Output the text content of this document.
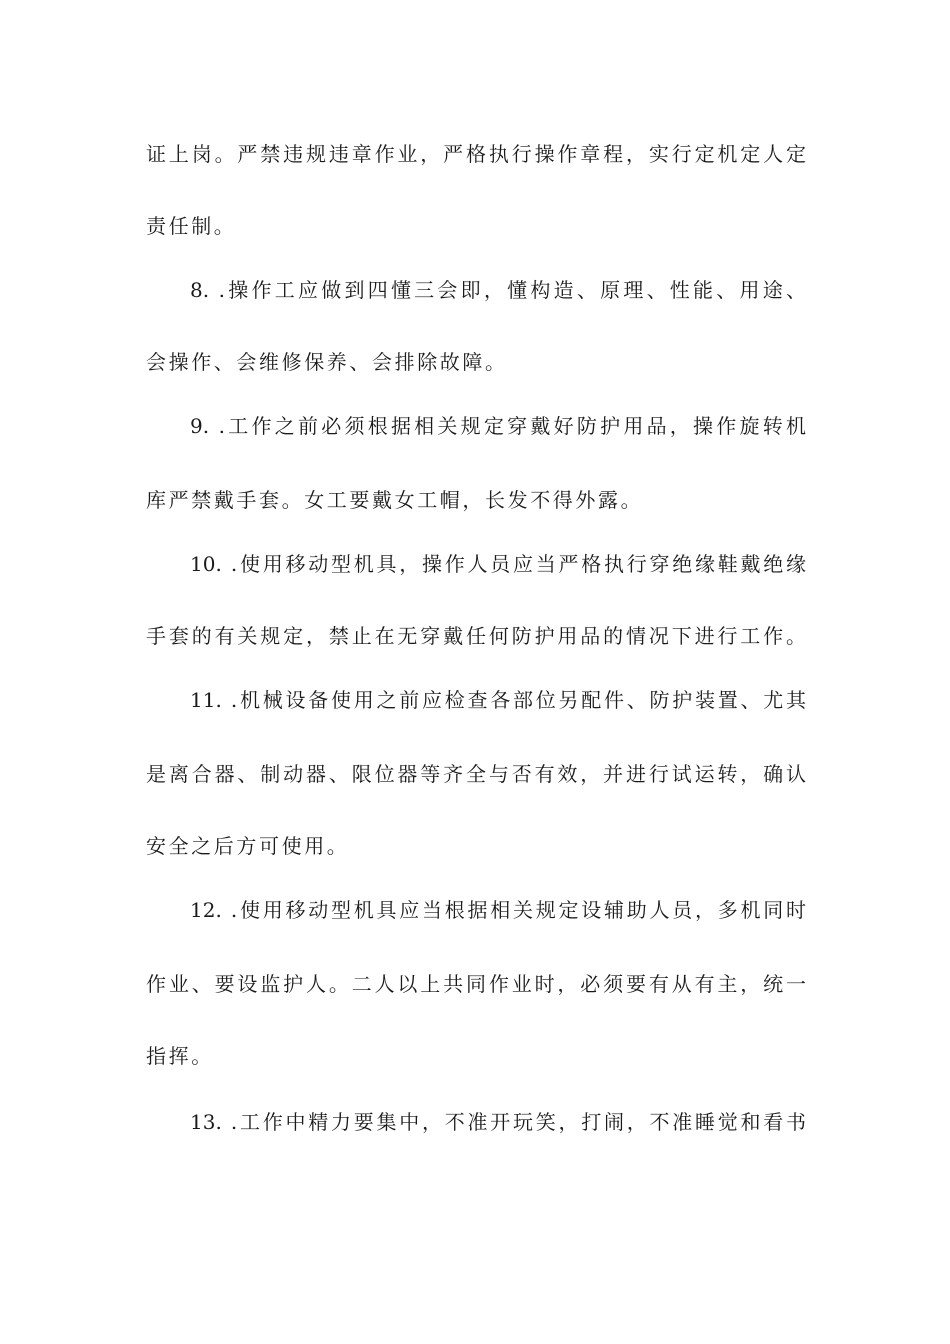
证上岗。严禁违规违章作业，严格执行操作章程，实行定机定人定
责任制。
8. .操作工应做到四懂三会即，懂构造、原理、性能、用途、
会操作、会维修保养、会排除故障。
9. .工作之前必须根据相关规定穿戴好防护用品，操作旋转机
库严禁戴手套。女工要戴女工帽，长发不得外露。
10. .使用移动型机具，操作人员应当严格执行穿绝缘鞋戴绝缘
手套的有关规定，禁止在无穿戴任何防护用品的情况下进行工作。
11. .机械设备使用之前应检查各部位另配件、防护装置、尤其
是离合器、制动器、限位器等齐全与否有效，并进行试运转，确认
安全之后方可使用。
12. .使用移动型机具应当根据相关规定设辅助人员，多机同时
作业、要设监护人。二人以上共同作业时，必须要有从有主，统一
指挥。
13. .工作中精力要集中，不准开玩笑，打闹，不准睡觉和看书
